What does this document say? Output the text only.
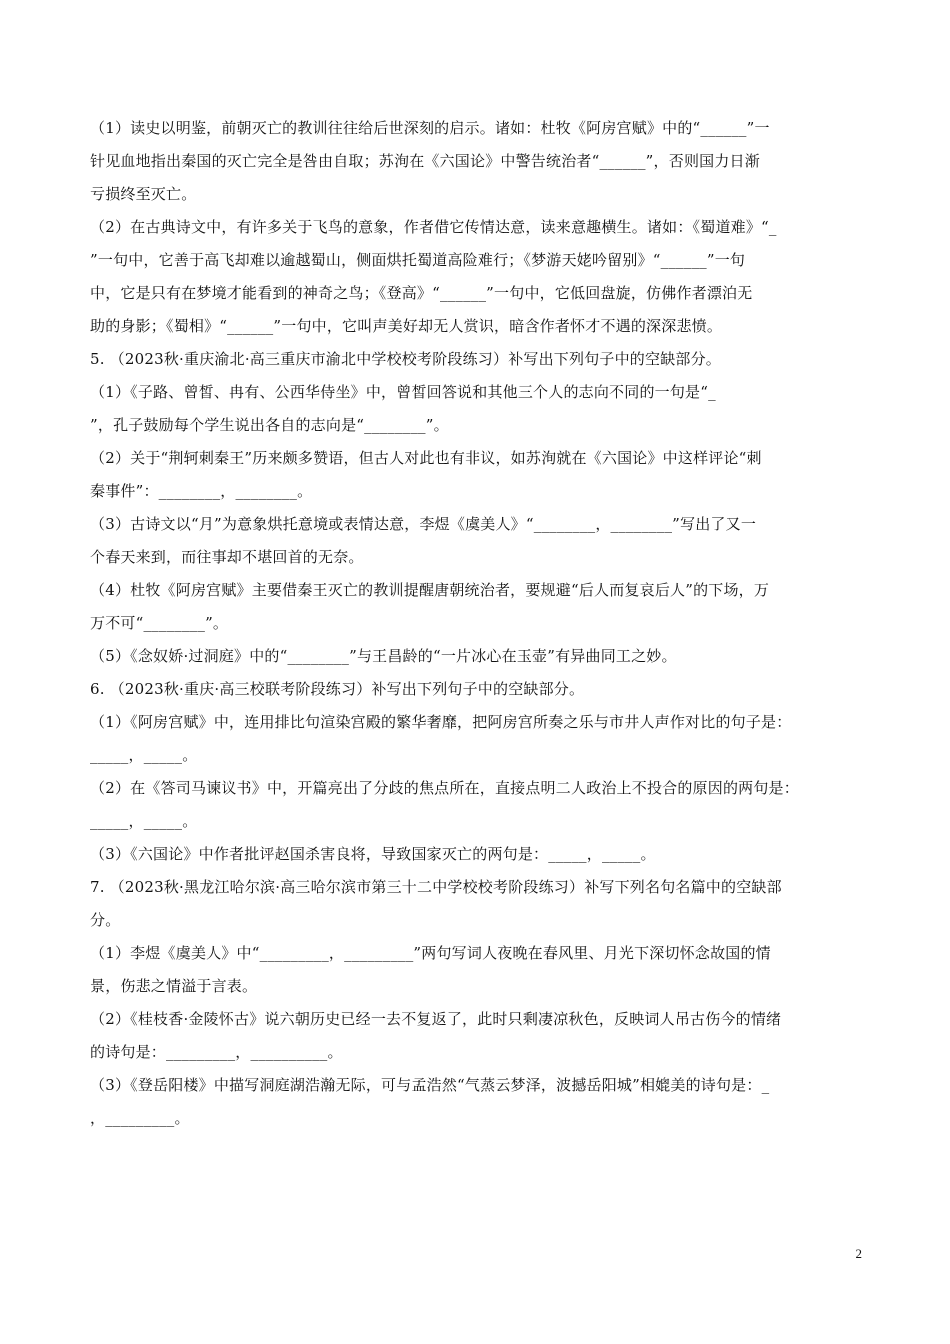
（1）读史以明鉴，前朝灭亡的教训往往给后世深刻的启示。诸如：杜牧《阿房宫赋》中的“______”一
针见血地指出秦国的灭亡完全是咎由自取；苏洵在《六国论》中警告统治者“______”，否则国力日渐
亏损终至灭亡。
（2）在古典诗文中，有许多关于飞鸟的意象，作者借它传情达意，读来意趣横生。诸如：《蜀道难》“_
”一句中，它善于高飞却难以逾越蜀山，侧面烘托蜀道高险难行；《梦游天姥吟留别》“______”一句
中，它是只有在梦境才能看到的神奇之鸟；《登高》“______”一句中，它低回盘旋，仿佛作者漂泊无
助的身影；《蜀相》“______”一句中，它叫声美好却无人赏识，暗含作者怀才不遇的深深悲愤。
5. （2023秋·重庆渝北·高三重庆市渝北中学校校考阶段练习）补写出下列句子中的空缺部分。
（1）《子路、曾皙、冉有、公西华侍坐》中，曾皙回答说和其他三个人的志向不同的一句是“_
”，孔子鼓励每个学生说出各自的志向是“________”。
（2）关于“荆轲刺秦王”历来颇多赞语，但古人对此也有非议，如苏洵就在《六国论》中这样评论“刺
秦事件”：________，________。
（3）古诗文以“月”为意象烘托意境或表情达意，李煜《虞美人》“________，________”写出了又一
个春天来到，而往事却不堪回首的无奈。
（4）杜牧《阿房宫赋》主要借秦王灭亡的教训提醒唐朝统治者，要规避“后人而复哀后人”的下场，万
万不可“________”。
（5）《念奴娇·过洞庭》中的“________”与王昌龄的“一片冰心在玉壶”有异曲同工之妙。
6. （2023秋·重庆·高三校联考阶段练习）补写出下列句子中的空缺部分。
（1）《阿房宫赋》中，连用排比句渲染宫殿的繁华奢靡，把阿房宫所奏之乐与市井人声作对比的句子是：
_____，_____。
（2）在《答司马谏议书》中，开篇亮出了分歧的焦点所在，直接点明二人政治上不投合的原因的两句是：
_____，_____。
（3）《六国论》中作者批评赵国杀害良将，导致国家灭亡的两句是：_____，_____。
7. （2023秋·黑龙江哈尔滨·高三哈尔滨市第三十二中学校校考阶段练习）补写下列名句名篇中的空缺部
分。
（1）李煜《虞美人》中“_________，_________”两句写词人夜晚在春风里、月光下深切怀念故国的情
景，伤悲之情溢于言表。
（2）《桂枝香·金陵怀古》说六朝历史已经一去不复返了，此时只剩凄凉秋色，反映词人吊古伤今的情绪
的诗句是：_________，__________。
（3）《登岳阳楼》中描写洞庭湖浩瀚无际，可与孟浩然“气蒸云梦泽，波撼岳阳城”相媲美的诗句是：_
，_________。
2
